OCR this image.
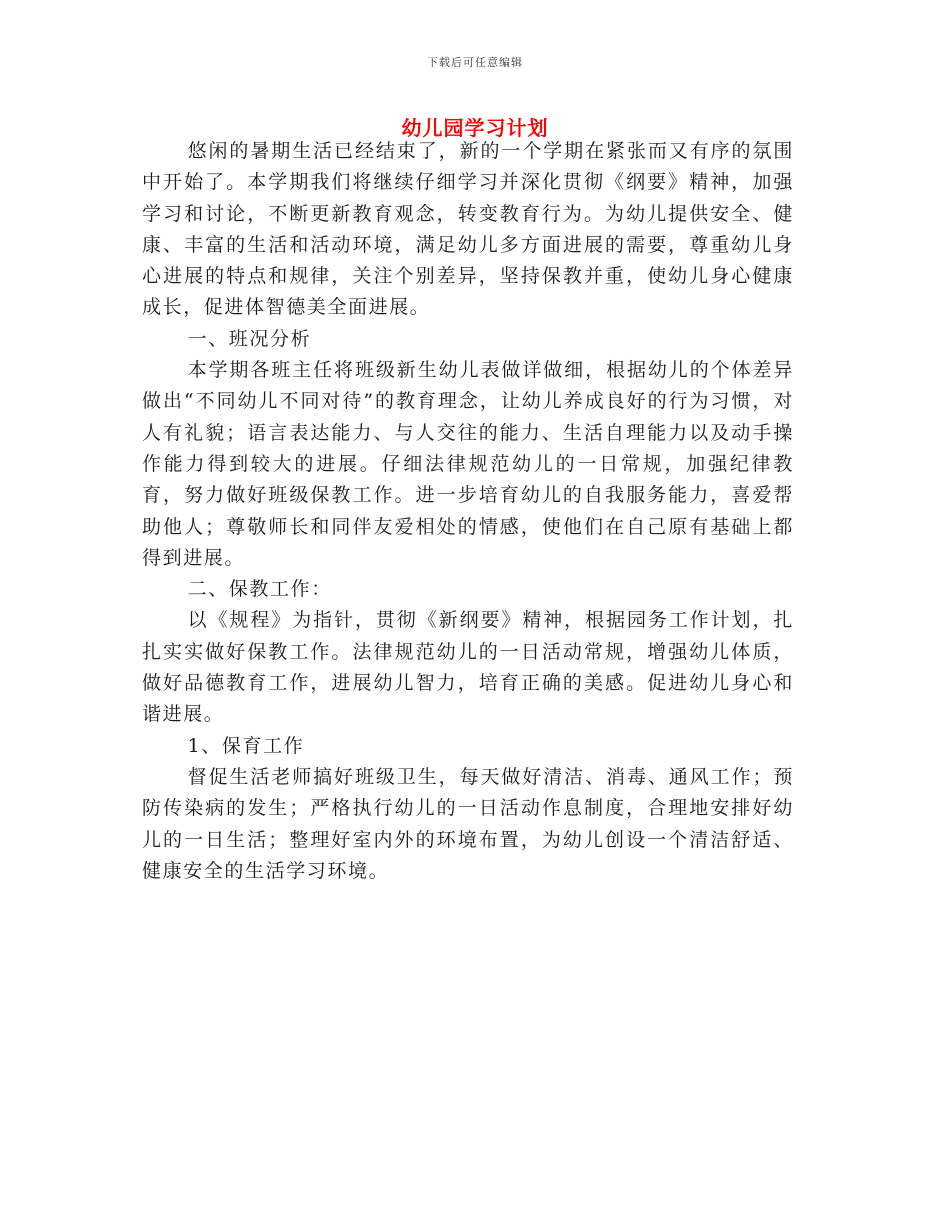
下载后可任意编辑
幼儿园学习计划

悠闲的暑期生活已经结束了，新的一个学期在紧张而又有序的氛围中开始了。本学期我们将继续仔细学习并深化贯彻《纲要》精神，加强学习和讨论，不断更新教育观念，转变教育行为。为幼儿提供安全、健康、丰富的生活和活动环境，满足幼儿多方面进展的需要，尊重幼儿身心进展的特点和规律，关注个别差异，坚持保教并重，使幼儿身心健康成长，促进体智德美全面进展。

一、班况分析

本学期各班主任将班级新生幼儿表做详做细，根据幼儿的个体差异做出“不同幼儿不同对待”的教育理念，让幼儿养成良好的行为习惯，对人有礼貌；语言表达能力、与人交往的能力、生活自理能力以及动手操作能力得到较大的进展。仔细法律规范幼儿的一日常规，加强纪律教育，努力做好班级保教工作。进一步培育幼儿的自我服务能力，喜爱帮助他人；尊敬师长和同伴友爱相处的情感，使他们在自己原有基础上都得到进展。

二、保教工作：

以《规程》为指针，贯彻《新纲要》精神，根据园务工作计划，扎扎实实做好保教工作。法律规范幼儿的一日活动常规，增强幼儿体质，做好品德教育工作，进展幼儿智力，培育正确的美感。促进幼儿身心和谐进展。

1、保育工作

督促生活老师搞好班级卫生，每天做好清洁、消毒、通风工作；预防传染病的发生；严格执行幼儿的一日活动作息制度，合理地安排好幼儿的一日生活；整理好室内外的环境布置，为幼儿创设一个清洁舒适、健康安全的生活学习环境。
